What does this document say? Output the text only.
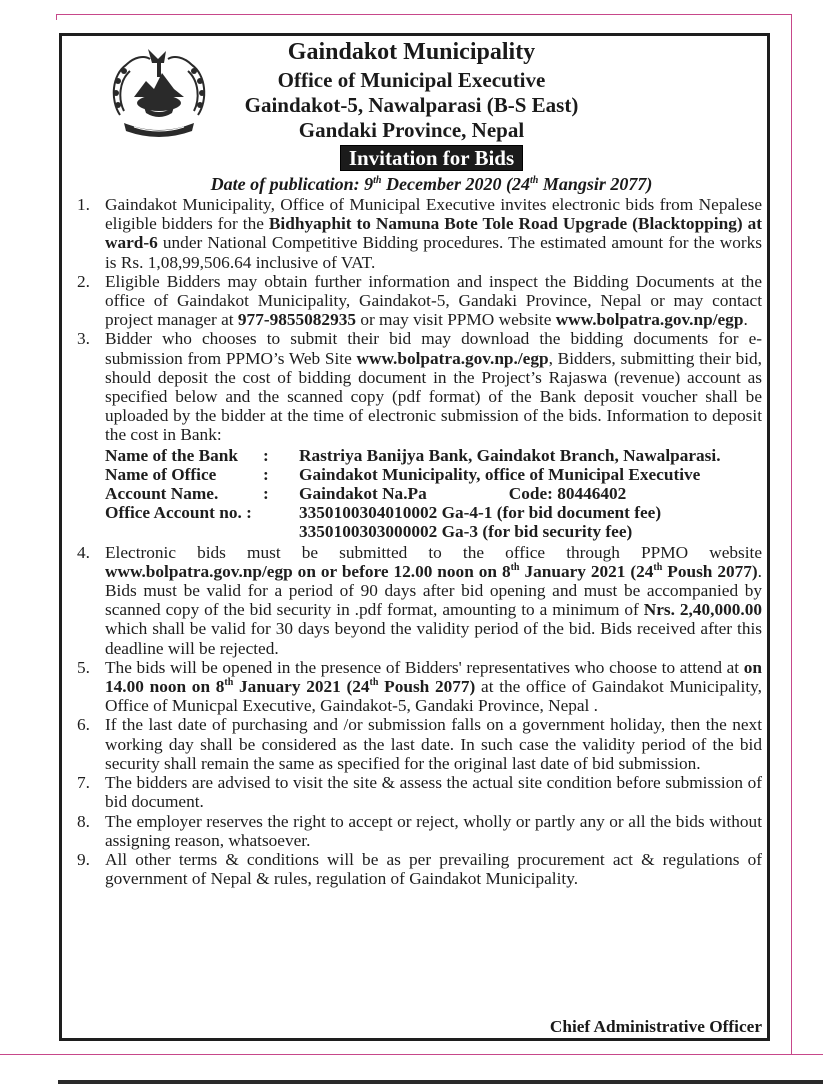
Gaindakot Municipality
Office of Municipal Executive
Gaindakot-5, Nawalparasi (B-S East)
Gandaki Province, Nepal
Invitation for Bids
Date of publication: 9th December 2020 (24th Mangsir 2077)
1. Gaindakot Municipality, Office of Municipal Executive invites electronic bids from Nepalese eligible bidders for the Bidhyaphit to Namuna Bote Tole Road Upgrade (Blacktopping) at ward-6 under National Competitive Bidding procedures. The estimated amount for the works is Rs. 1,08,99,506.64 inclusive of VAT.
2. Eligible Bidders may obtain further information and inspect the Bidding Documents at the office of Gaindakot Municipality, Gaindakot-5, Gandaki Province, Nepal or may contact project manager at 977-9855082935 or may visit PPMO website www.bolpatra.gov.np/egp.
3. Bidder who chooses to submit their bid may download the bidding documents for e-submission from PPMO’s Web Site www.bolpatra.gov.np./egp, Bidders, submitting their bid, should deposit the cost of bidding document in the Project’s Rajaswa (revenue) account as specified below and the scanned copy (pdf format) of the Bank deposit voucher shall be uploaded by the bidder at the time of electronic submission of the bids. Information to deposit the cost in Bank:
Name of the Bank	:	Rastriya Banijya Bank, Gaindakot Branch, Nawalparasi.
Name of Office	:	Gaindakot Municipality, office of Municipal Executive
Account Name.	:	Gaindakot Na.Pa	Code: 80446402
Office Account no. :	3350100304010002 Ga-4-1 (for bid document fee)
3350100303000002 Ga-3 (for bid security fee)
4. Electronic bids must be submitted to the office through PPMO website www.bolpatra.gov.np/egp on or before 12.00 noon on 8th January 2021 (24th Poush 2077). Bids must be valid for a period of 90 days after bid opening and must be accompanied by scanned copy of the bid security in .pdf format, amounting to a minimum of Nrs. 2,40,000.00 which shall be valid for 30 days beyond the validity period of the bid. Bids received after this deadline will be rejected.
5. The bids will be opened in the presence of Bidders' representatives who choose to attend at on 14.00 noon on 8th January 2021 (24th Poush 2077) at the office of Gaindakot Municipality, Office of Municpal Executive, Gaindakot-5, Gandaki Province, Nepal .
6. If the last date of purchasing and /or submission falls on a government holiday, then the next working day shall be considered as the last date. In such case the validity period of the bid security shall remain the same as specified for the original last date of bid submission.
7. The bidders are advised to visit the site & assess the actual site condition before submission of bid document.
8. The employer reserves the right to accept or reject, wholly or partly any or all the bids without assigning reason, whatsoever.
9. All other terms & conditions will be as per prevailing procurement act & regulations of government of Nepal & rules, regulation of Gaindakot Municipality.
Chief Administrative Officer
